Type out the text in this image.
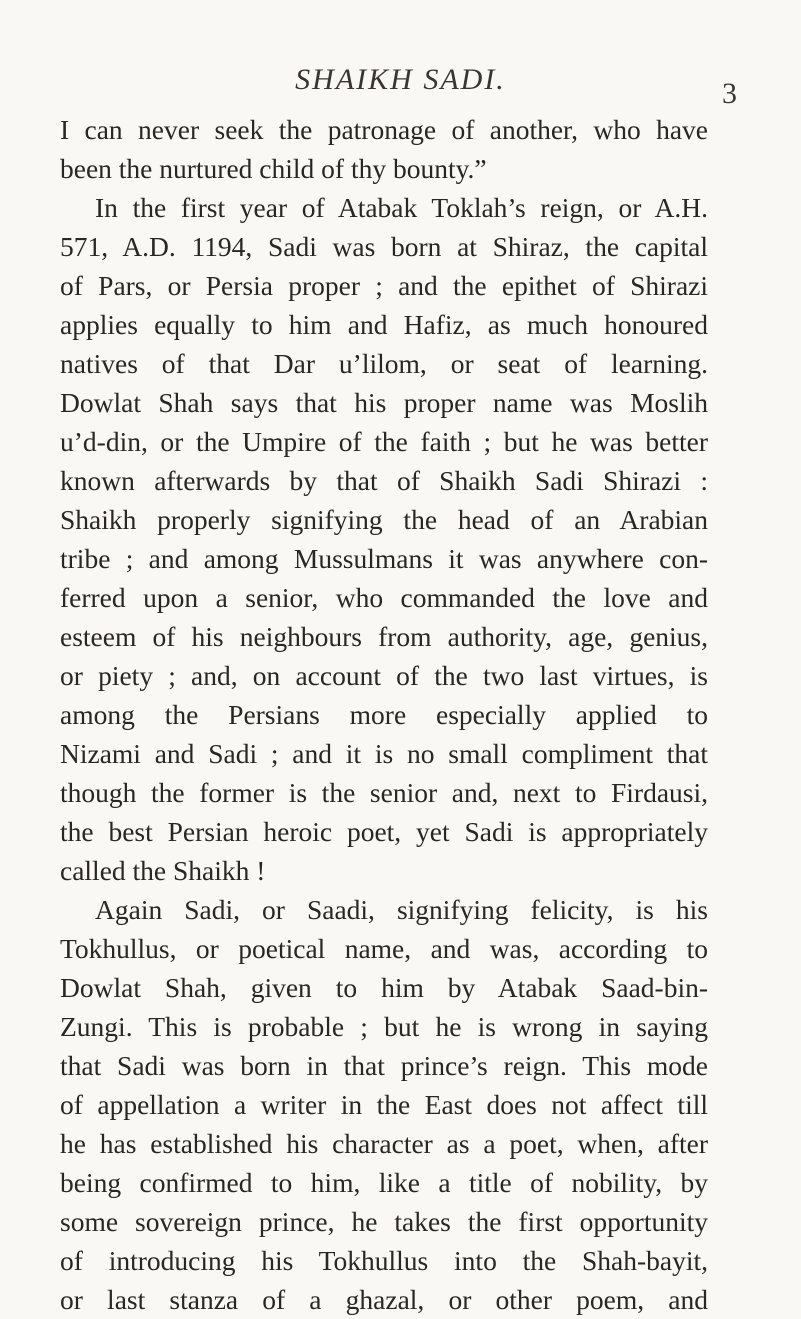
SHAIKH SADI.	3
I can never seek the patronage of another, who have
been the nurtured child of thy bounty.”
In the first year of Atabak Toklah’s reign, or A.H.
571, A.D. 1194, Sadi was born at Shiraz, the capital
of Pars, or Persia proper ; and the epithet of Shirazi
applies equally to him and Hafiz, as much honoured
natives of that Dar u’lilom, or seat of learning.
Dowlat Shah says that his proper name was Moslih
u’d-din, or the Umpire of the faith ; but he was better
known afterwards by that of Shaikh Sadi Shirazi :
Shaikh properly signifying the head of an Arabian
tribe ; and among Mussulmans it was anywhere con-
ferred upon a senior, who commanded the love and
esteem of his neighbours from authority, age, genius,
or piety ; and, on account of the two last virtues, is
among the Persians more especially applied to
Nizami and Sadi ; and it is no small compliment that
though the former is the senior and, next to Firdausi,
the best Persian heroic poet, yet Sadi is appropriately
called the Shaikh !
Again Sadi, or Saadi, signifying felicity, is his
Tokhullus, or poetical name, and was, according to
Dowlat Shah, given to him by Atabak Saad-bin-
Zungi. This is probable ; but he is wrong in saying
that Sadi was born in that prince’s reign. This mode
of appellation a writer in the East does not affect till
he has established his character as a poet, when, after
being confirmed to him, like a title of nobility, by
some sovereign prince, he takes the first opportunity
of introducing his Tokhullus into the Shah-bayit,
or last stanza of a ghazal, or other poem, and
